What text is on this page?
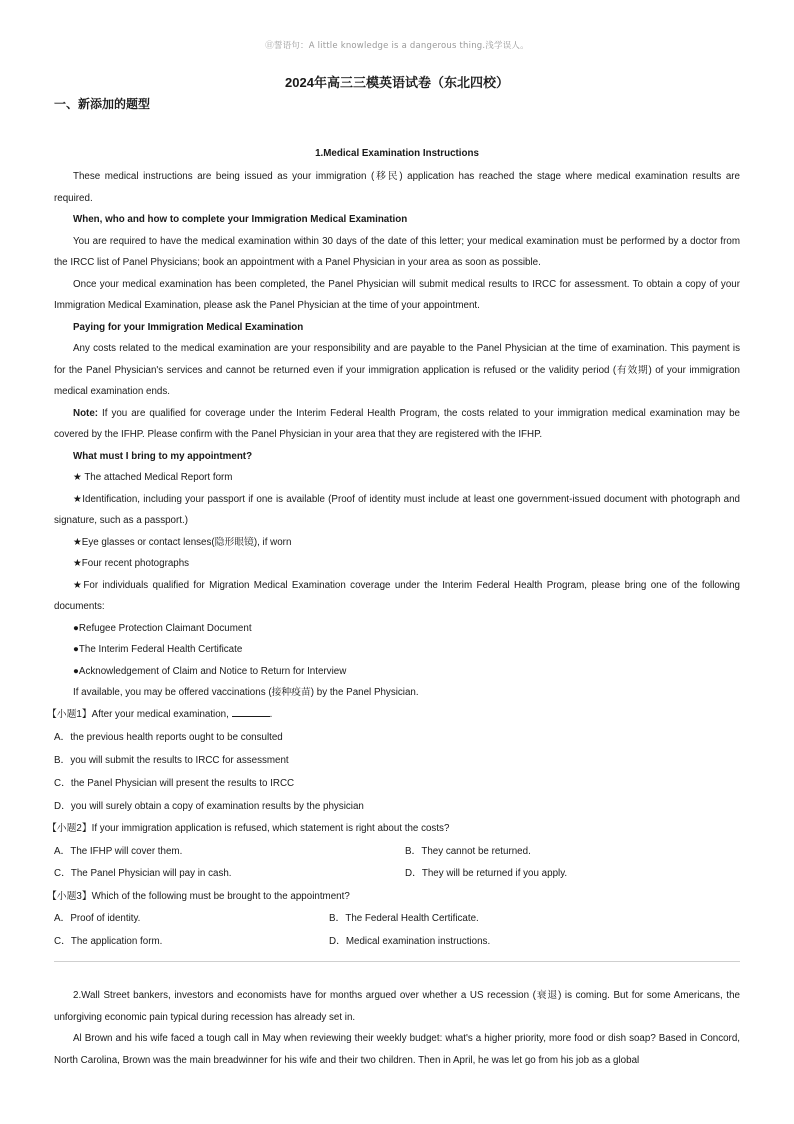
㊐誓语句：A little knowledge is a dangerous thing.浅学误人。
2024年高三三模英语试卷（东北四校）
一、新添加的题型
1.Medical Examination Instructions

These medical instructions are being issued as your immigration (移民) application has reached the stage where medical examination results are required.

When, who and how to complete your Immigration Medical Examination

You are required to have the medical examination within 30 days of the date of this letter; your medical examination must be performed by a doctor from the IRCC list of Panel Physicians; book an appointment with a Panel Physician in your area as soon as possible.

Once your medical examination has been completed, the Panel Physician will submit medical results to IRCC for assessment. To obtain a copy of your Immigration Medical Examination, please ask the Panel Physician at the time of your appointment.

Paying for your Immigration Medical Examination

Any costs related to the medical examination are your responsibility and are payable to the Panel Physician at the time of examination. This payment is for the Panel Physician's services and cannot be returned even if your immigration application is refused or the validity period (有效期) of your immigration medical examination ends.

Note: If you are qualified for coverage under the Interim Federal Health Program, the costs related to your immigration medical examination may be covered by the IFHP. Please confirm with the Panel Physician in your area that they are registered with the IFHP.

What must I bring to my appointment?

★ The attached Medical Report form

★Identification, including your passport if one is available (Proof of identity must include at least one government-issued document with photograph and signature, such as a passport.)

★Eye glasses or contact lenses(隐形眼镜), if worn

★Four recent photographs

★For individuals qualified for Migration Medical Examination coverage under the Interim Federal Health Program, please bring one of the following documents:

●Refugee Protection Claimant Document

●The Interim Federal Health Certificate

●Acknowledgement of Claim and Notice to Return for Interview

If available, you may be offered vaccinations (接种疫苗) by the Panel Physician.

【小题1】After your medical examination,	.
A．the previous health reports ought to be consulted
B．you will submit the results to IRCC for assessment
C．the Panel Physician will present the results to IRCC
D．you will surely obtain a copy of examination results by the physician
【小题2】If your immigration application is refused, which statement is right about the costs?
A．The IFHP will cover them.	B．They cannot be returned.
C．The Panel Physician will pay in cash.	D．They will be returned if you apply.
【小题3】Which of the following must be brought to the appointment?
A．Proof of identity.	B．The Federal Health Certificate.
C．The application form.	D．Medical examination instructions.

2.Wall Street bankers, investors and economists have for months argued over whether a US recession (衰退) is coming. But for some Americans, the unforgiving economic pain typical during recession has already set in.

Al Brown and his wife faced a tough call in May when reviewing their weekly budget: what's a higher priority, more food or dish soap? Based in Concord, North Carolina, Brown was the main breadwinner for his wife and their two children. Then in April, he was let go from his job as a global
